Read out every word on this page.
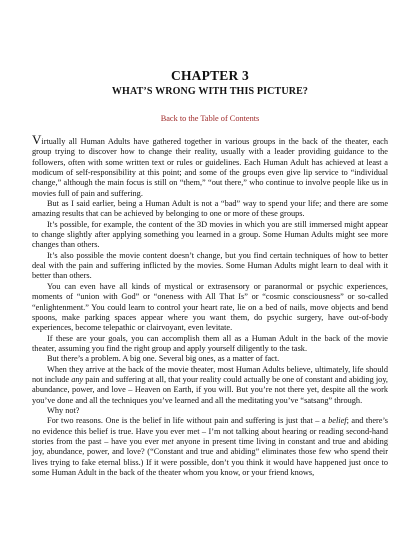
CHAPTER 3
WHAT’S WRONG WITH THIS PICTURE?
Back to the Table of Contents

Virtually all Human Adults have gathered together in various groups in the back of the theater, each group trying to discover how to change their reality, usually with a leader providing guidance to the followers, often with some written text or rules or guidelines. Each Human Adult has achieved at least a modicum of self-responsibility at this point; and some of the groups even give lip service to “individual change,” although the main focus is still on “them,” “out there,” who continue to involve people like us in movies full of pain and suffering.

But as I said earlier, being a Human Adult is not a “bad” way to spend your life; and there are some amazing results that can be achieved by belonging to one or more of these groups.

It’s possible, for example, the content of the 3D movies in which you are still immersed might appear to change slightly after applying something you learned in a group. Some Human Adults might see more changes than others.

It’s also possible the movie content doesn’t change, but you find certain techniques of how to better deal with the pain and suffering inflicted by the movies. Some Human Adults might learn to deal with it better than others.

You can even have all kinds of mystical or extrasensory or paranormal or psychic experiences, moments of “union with God” or “oneness with All That Is” or “cosmic consciousness” or so-called “enlightenment.” You could learn to control your heart rate, lie on a bed of nails, move objects and bend spoons, make parking spaces appear where you want them, do psychic surgery, have out-of-body experiences, become telepathic or clairvoyant, even levitate.

If these are your goals, you can accomplish them all as a Human Adult in the back of the movie theater, assuming you find the right group and apply yourself diligently to the task.

But there’s a problem. A big one. Several big ones, as a matter of fact.

When they arrive at the back of the movie theater, most Human Adults believe, ultimately, life should not include any pain and suffering at all, that your reality could actually be one of constant and abiding joy, abundance, power, and love – Heaven on Earth, if you will. But you’re not there yet, despite all the work you’ve done and all the techniques you’ve learned and all the meditating you’ve “satsang” through.

Why not?

For two reasons. One is the belief in life without pain and suffering is just that – a belief; and there’s no evidence this belief is true. Have you ever met – I’m not talking about hearing or reading second-hand stories from the past – have you ever met anyone in present time living in constant and true and abiding joy, abundance, power, and love? (“Constant and true and abiding” eliminates those few who spend their lives trying to fake eternal bliss.) If it were possible, don’t you think it would have happened just once to some Human Adult in the back of the theater whom you know, or your friend knows,
